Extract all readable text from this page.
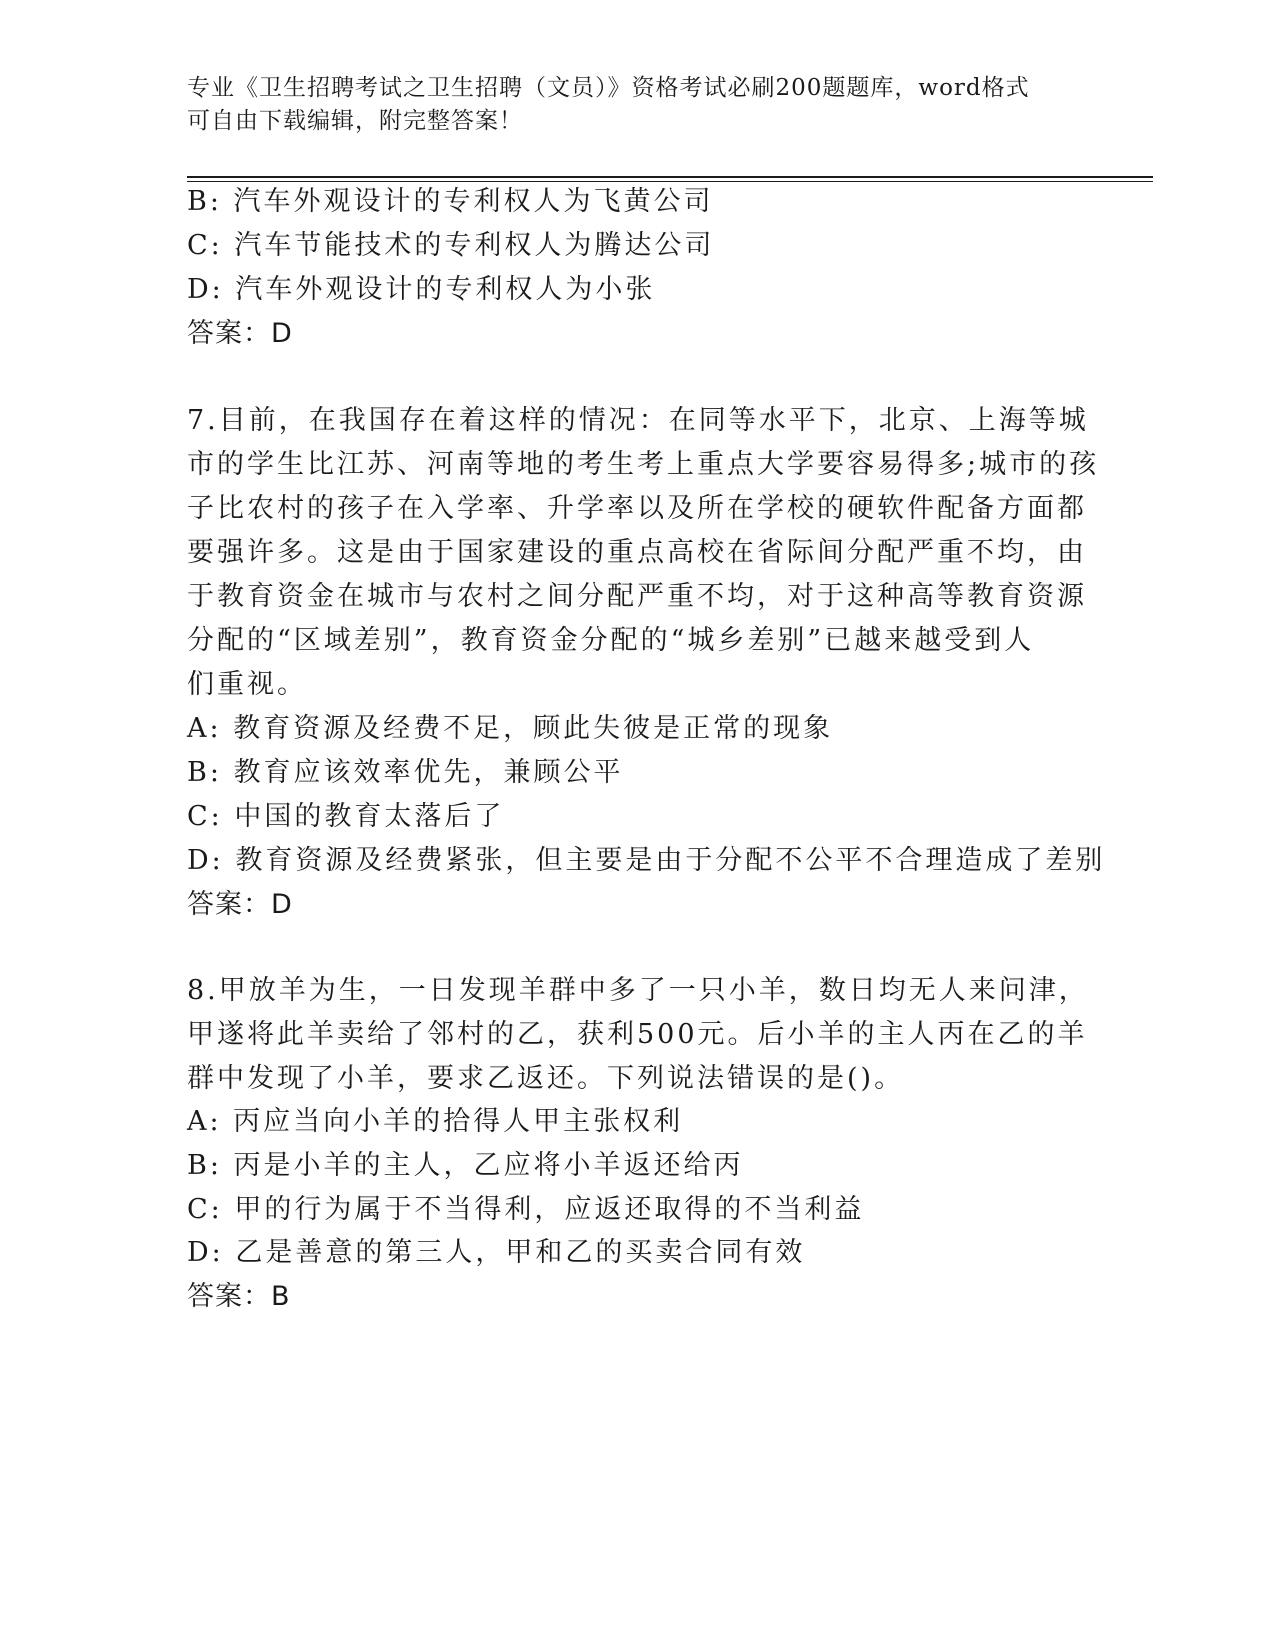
专业《卫生招聘考试之卫生招聘（文员）》资格考试必刷200题题库，word格式
可自由下载编辑，附完整答案！
B: 汽车外观设计的专利权人为飞黄公司
C: 汽车节能技术的专利权人为腾达公司
D: 汽车外观设计的专利权人为小张
答案：D
7.目前，在我国存在着这样的情况：在同等水平下，北京、上海等城
市的学生比江苏、河南等地的考生考上重点大学要容易得多;城市的孩
子比农村的孩子在入学率、升学率以及所在学校的硬软件配备方面都
要强许多。这是由于国家建设的重点高校在省际间分配严重不均，由
于教育资金在城市与农村之间分配严重不均，对于这种高等教育资源
分配的“区域差别”，教育资金分配的“城乡差别”已越来越受到人
们重视。
A: 教育资源及经费不足，顾此失彼是正常的现象
B: 教育应该效率优先，兼顾公平
C: 中国的教育太落后了
D: 教育资源及经费紧张，但主要是由于分配不公平不合理造成了差别
答案：D
8.甲放羊为生，一日发现羊群中多了一只小羊，数日均无人来问津，
甲遂将此羊卖给了邻村的乙，获利500元。后小羊的主人丙在乙的羊
群中发现了小羊，要求乙返还。下列说法错误的是()。
A: 丙应当向小羊的拾得人甲主张权利
B: 丙是小羊的主人，乙应将小羊返还给丙
C: 甲的行为属于不当得利，应返还取得的不当利益
D: 乙是善意的第三人，甲和乙的买卖合同有效
答案：B
